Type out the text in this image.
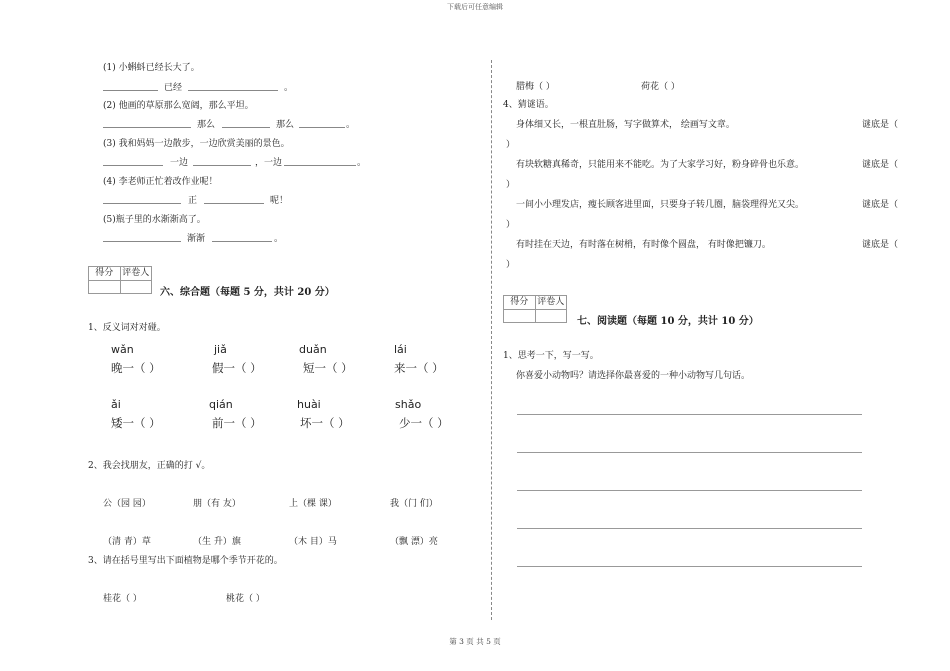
下载后可任意编辑
(1) 小蝌蚪已经长大了。
已经	。
(2) 他画的草原那么宽阔，那么平坦。
那么	那么	。
(3) 我和妈妈一边散步，一边欣赏美丽的景色。
一边	，一边	。
(4) 李老师正忙着改作业呢！
正	呢！
(5)瓶子里的水渐渐高了。
渐渐	。
得分 评卷人
六、综合题（每题 5 分，共计 20 分）
1、反义词对对碰。
wǎn	jiǎ	duǎn	lái
晚一（ ）	假一（ ）	短一（ ）	来一（ ）
ǎi	qián	huài	shǎo
矮一（ ）	前一（ ）	坏一（ ）	少一（ ）
2、我会找朋友，正确的打 √。
公（园 园）	朋（有 友）	上（棵 课）	我（门 们）
（清 青）草	（生 升）旗	（木 目）马	（飘 漂）亮
3、请在括号里写出下面植物是哪个季节开花的。
桂花（ ）	桃花（ ）
腊梅（ ）	荷花（ ）
4、猜谜语。
身体细又长，一根直肚肠，写字做算术， 绘画写文章。	谜底是（
）
有块软糖真稀奇，只能用来不能吃。为了大家学习好，粉身碎骨也乐意。	谜底是（
）
一间小小理发店，瘦长顾客进里面，只要身子转几圈，脑袋理得光又尖。	谜底是（
）
有时挂在天边，有时落在树梢，有时像个圆盘， 有时像把镰刀。	谜底是（
）
得分 评卷人
七、阅读题（每题 10 分，共计 10 分）
1、思考一下，写一写。
你喜爱小动物吗？请选择你最喜爱的一种小动物写几句话。
第 3 页 共 5 页
